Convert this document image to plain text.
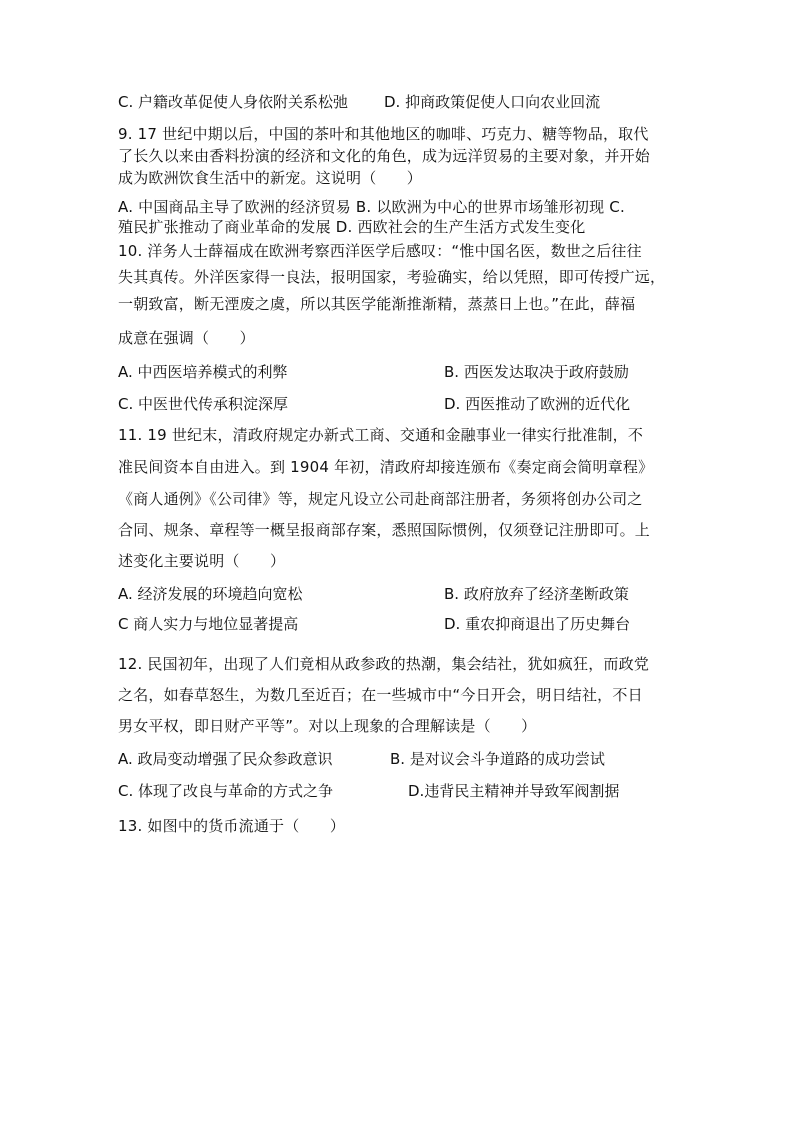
C. 户籍改革促使人身依附关系松弛 D. 抑商政策促使人口向农业回流
9. 17 世纪中期以后，中国的茶叶和其他地区的咖啡、巧克力、糖等物品，取代
了长久以来由香料扮演的经济和文化的角色，成为远洋贸易的主要对象，并开始
成为欧洲饮食生活中的新宠。这说明（　　）
A. 中国商品主导了欧洲的经济贸易 B. 以欧洲为中心的世界市场雏形初现 C.
殖民扩张推动了商业革命的发展 D. 西欧社会的生产生活方式发生变化
10. 洋务人士薛福成在欧洲考察西洋医学后感叹：“惟中国名医，数世之后往往
失其真传。外洋医家得一良法，报明国家，考验确实，给以凭照，即可传授广远，
一朝致富，断无湮废之虞，所以其医学能渐推渐精，蒸蒸日上也。”在此，薛福
成意在强调（　　）
A. 中西医培养模式的利弊	B. 西医发达取决于政府鼓励
C. 中医世代传承积淀深厚	D. 西医推动了欧洲的近代化
11. 19 世纪末，清政府规定办新式工商、交通和金融事业一律实行批准制，不
准民间资本自由进入。到 1904 年初，清政府却接连颁布《奏定商会简明章程》
《商人通例》《公司律》等，规定凡设立公司赴商部注册者，务须将创办公司之
合同、规条、章程等一概呈报商部存案，悉照国际惯例，仅须登记注册即可。上
述变化主要说明（　　）
A. 经济发展的环境趋向宽松	B. 政府放弃了经济垄断政策
C 商人实力与地位显著提高	D. 重农抑商退出了历史舞台
12. 民国初年，出现了人们竟相从政参政的热潮，集会结社，犹如疯狂，而政党
之名，如春草怒生，为数几至近百；在一些城市中“今日开会，明日结社，不日
男女平权，即日财产平等”。对以上现象的合理解读是（　　）
A. 政局变动增强了民众参政意识	B. 是对议会斗争道路的成功尝试
C. 体现了改良与革命的方式之争	D.违背民主精神并导致军阀割据
13. 如图中的货币流通于（　　）
